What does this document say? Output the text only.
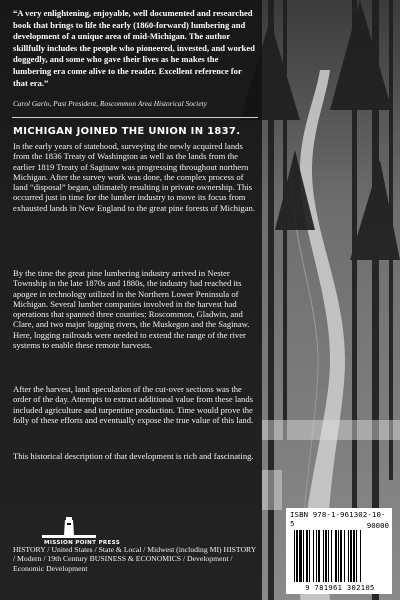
“A very enlightening, enjoyable, well documented and researched book that brings to life the early (1860-forward) lumbering and development of a unique area of mid-Michigan. The author skillfully includes the people who pioneered, invested, and worked doggedly, and some who gave their lives as he makes the lumbering era come alive to the reader. Excellent reference for that era.”

Carol Garlo, Past President, Roscommon Area Historical Society

MICHIGAN JOINED THE UNION IN 1837.

In the early years of statehood, surveying the newly acquired lands from the 1836 Treaty of Washington as well as the lands from the earlier 1819 Treaty of Saginaw was progressing throughout northern Michigan. After the survey work was done, the complex process of land “disposal” began, ultimately resulting in private ownership. This occurred just in time for the lumber industry to move its focus from exhausted lands in New England to the great pine forests of Michigan.

By the time the great pine lumbering industry arrived in Nester Township in the late 1870s and 1880s, the industry had reached its apogee in technology utilized in the Northern Lower Peninsula of Michigan. Several lumber companies involved in the harvest had operations that spanned three counties: Roscommon, Gladwin, and Clare, and two major logging rivers, the Muskegon and the Saginaw. Here, logging railroads were needed to extend the range of the river systems to enable these remote harvests.

After the harvest, land speculation of the cut-over sections was the order of the day. Attempts to extract additional value from these lands included agriculture and turpentine production. Time would prove the folly of these efforts and eventually expose the true value of this land.

This historical description of that development is rich and fascinating.

MISSION POINT PRESS

HISTORY / United States / State & Local / Midwest (including MI) HISTORY / Modern / 19th Century BUSINESS & ECONOMICS / Development / Economic Development

ISBN 978-1-961302-10-5	90000

9 781961 302105
